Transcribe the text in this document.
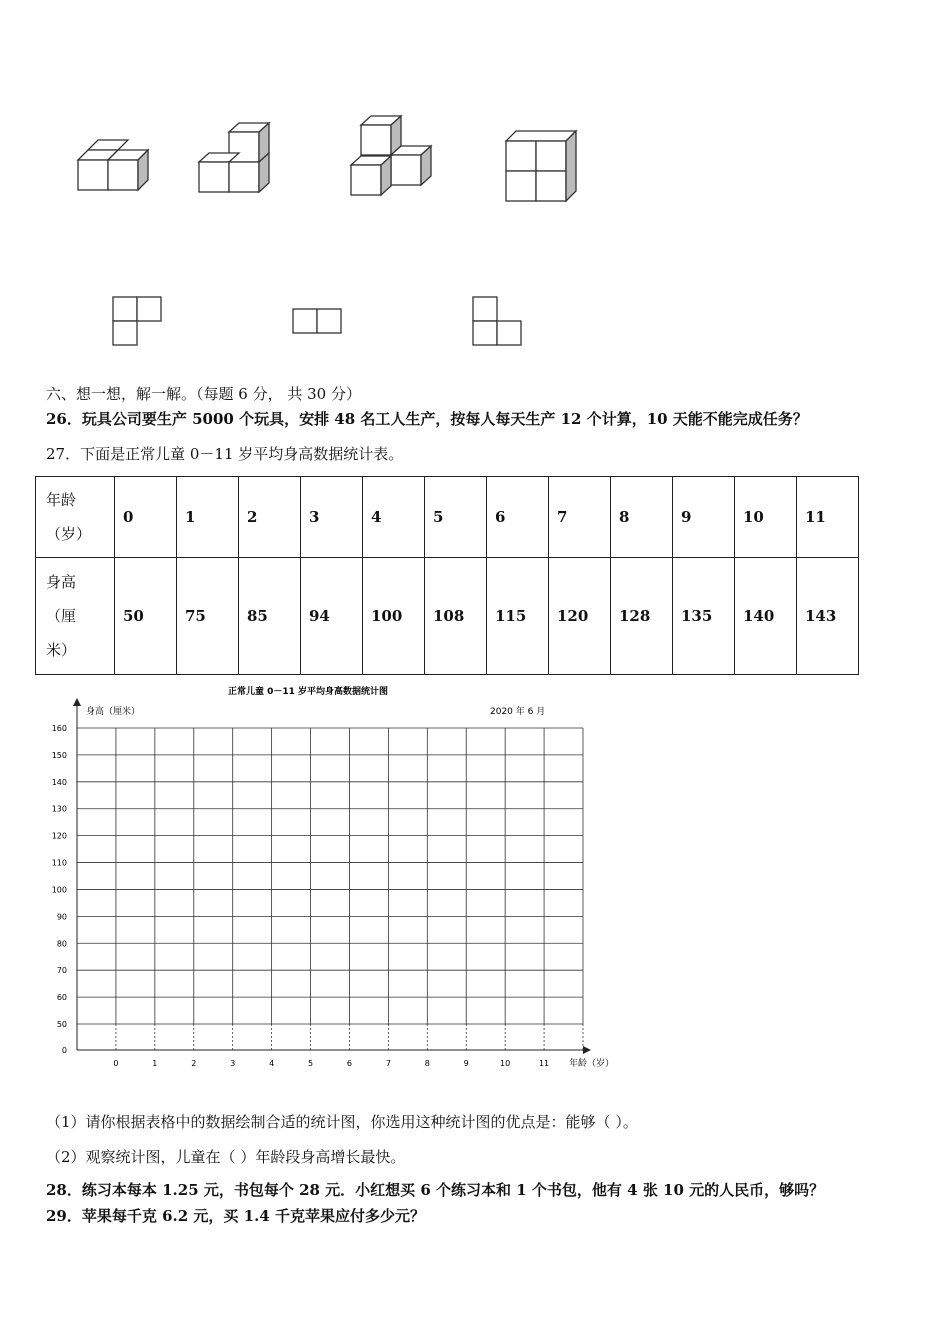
六、想一想，解一解。（每题 6 分， 共 30 分）
26．玩具公司要生产 5000 个玩具，安排 48 名工人生产，按每人每天生产 12 个计算，10 天能不能完成任务？
27．下面是正常儿童 0－11 岁平均身高数据统计表。
年龄
（岁）	0	1	2	3	4	5	6	7	8	9	10	11

身高
（厘
米）	50	75	85	94	100	108	115	120	128	135	140	143
正常儿童 0－11 岁平均身高数据统计图
2020 年 6 月
身高（厘米）
年龄（岁）
0
50
60
70
80
90
100
110
120
130
140
150
160
0	1	2	3	4	5	6	7	8	9	10	11
（1）请你根据表格中的数据绘制合适的统计图，你选用这种统计图的优点是：能够（ ）。
（2）观察统计图，儿童在（ ）年龄段身高增长最快。
28．练习本每本 1.25 元，书包每个 28 元．小红想买 6 个练习本和 1 个书包，他有 4 张 10 元的人民币，够吗？
29．苹果每千克 6.2 元，买 1.4 千克苹果应付多少元？
